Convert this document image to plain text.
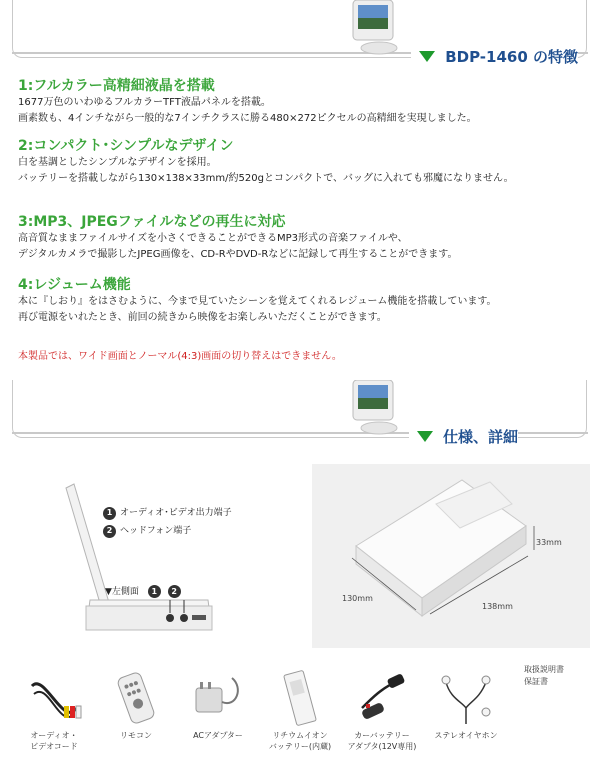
BDP-1460 の特徴
1:フルカラー高精細液晶を搭載
1677万色のいわゆるフルカラーTFT液晶パネルを搭載。
画素数も、4インチながら一般的な7インチクラスに勝る480×272ピクセルの高精細を実現しました。
2:コンパクト･シンプルなデザイン
白を基調としたシンプルなデザインを採用。
バッテリーを搭載しながら130×138×33mm/約520gとコンパクトで、バッグに入れても邪魔になりません。
3:MP3、JPEGファイルなどの再生に対応
高音質なままファイルサイズを小さくできることができるMP3形式の音楽ファイルや、
デジタルカメラで撮影したJPEG画像を、CD-RやDVD-Rなどに記録して再生することができます。
4:レジューム機能
本に『しおり』をはさむように、今まで見ていたシーンを覚えてくれるレジューム機能を搭載しています。
再び電源をいれたとき、前回の続きから映像をお楽しみいただくことができます。
本製品では、ワイド画面とノーマル(4:3)画面の切り替えはできません。
仕様、詳細
1 オーディオ･ビデオ出力端子
2 ヘッドフォン端子
▼左側面 1 2
33mm
130mm
138mm
オーディオ・
ビデオコード
リモコン	ACアダプター	リチウムイオン
バッテリー(内蔵)
カーバッテリー
アダプタ(12V専用)
ステレオイヤホン
取扱説明書
保証書
